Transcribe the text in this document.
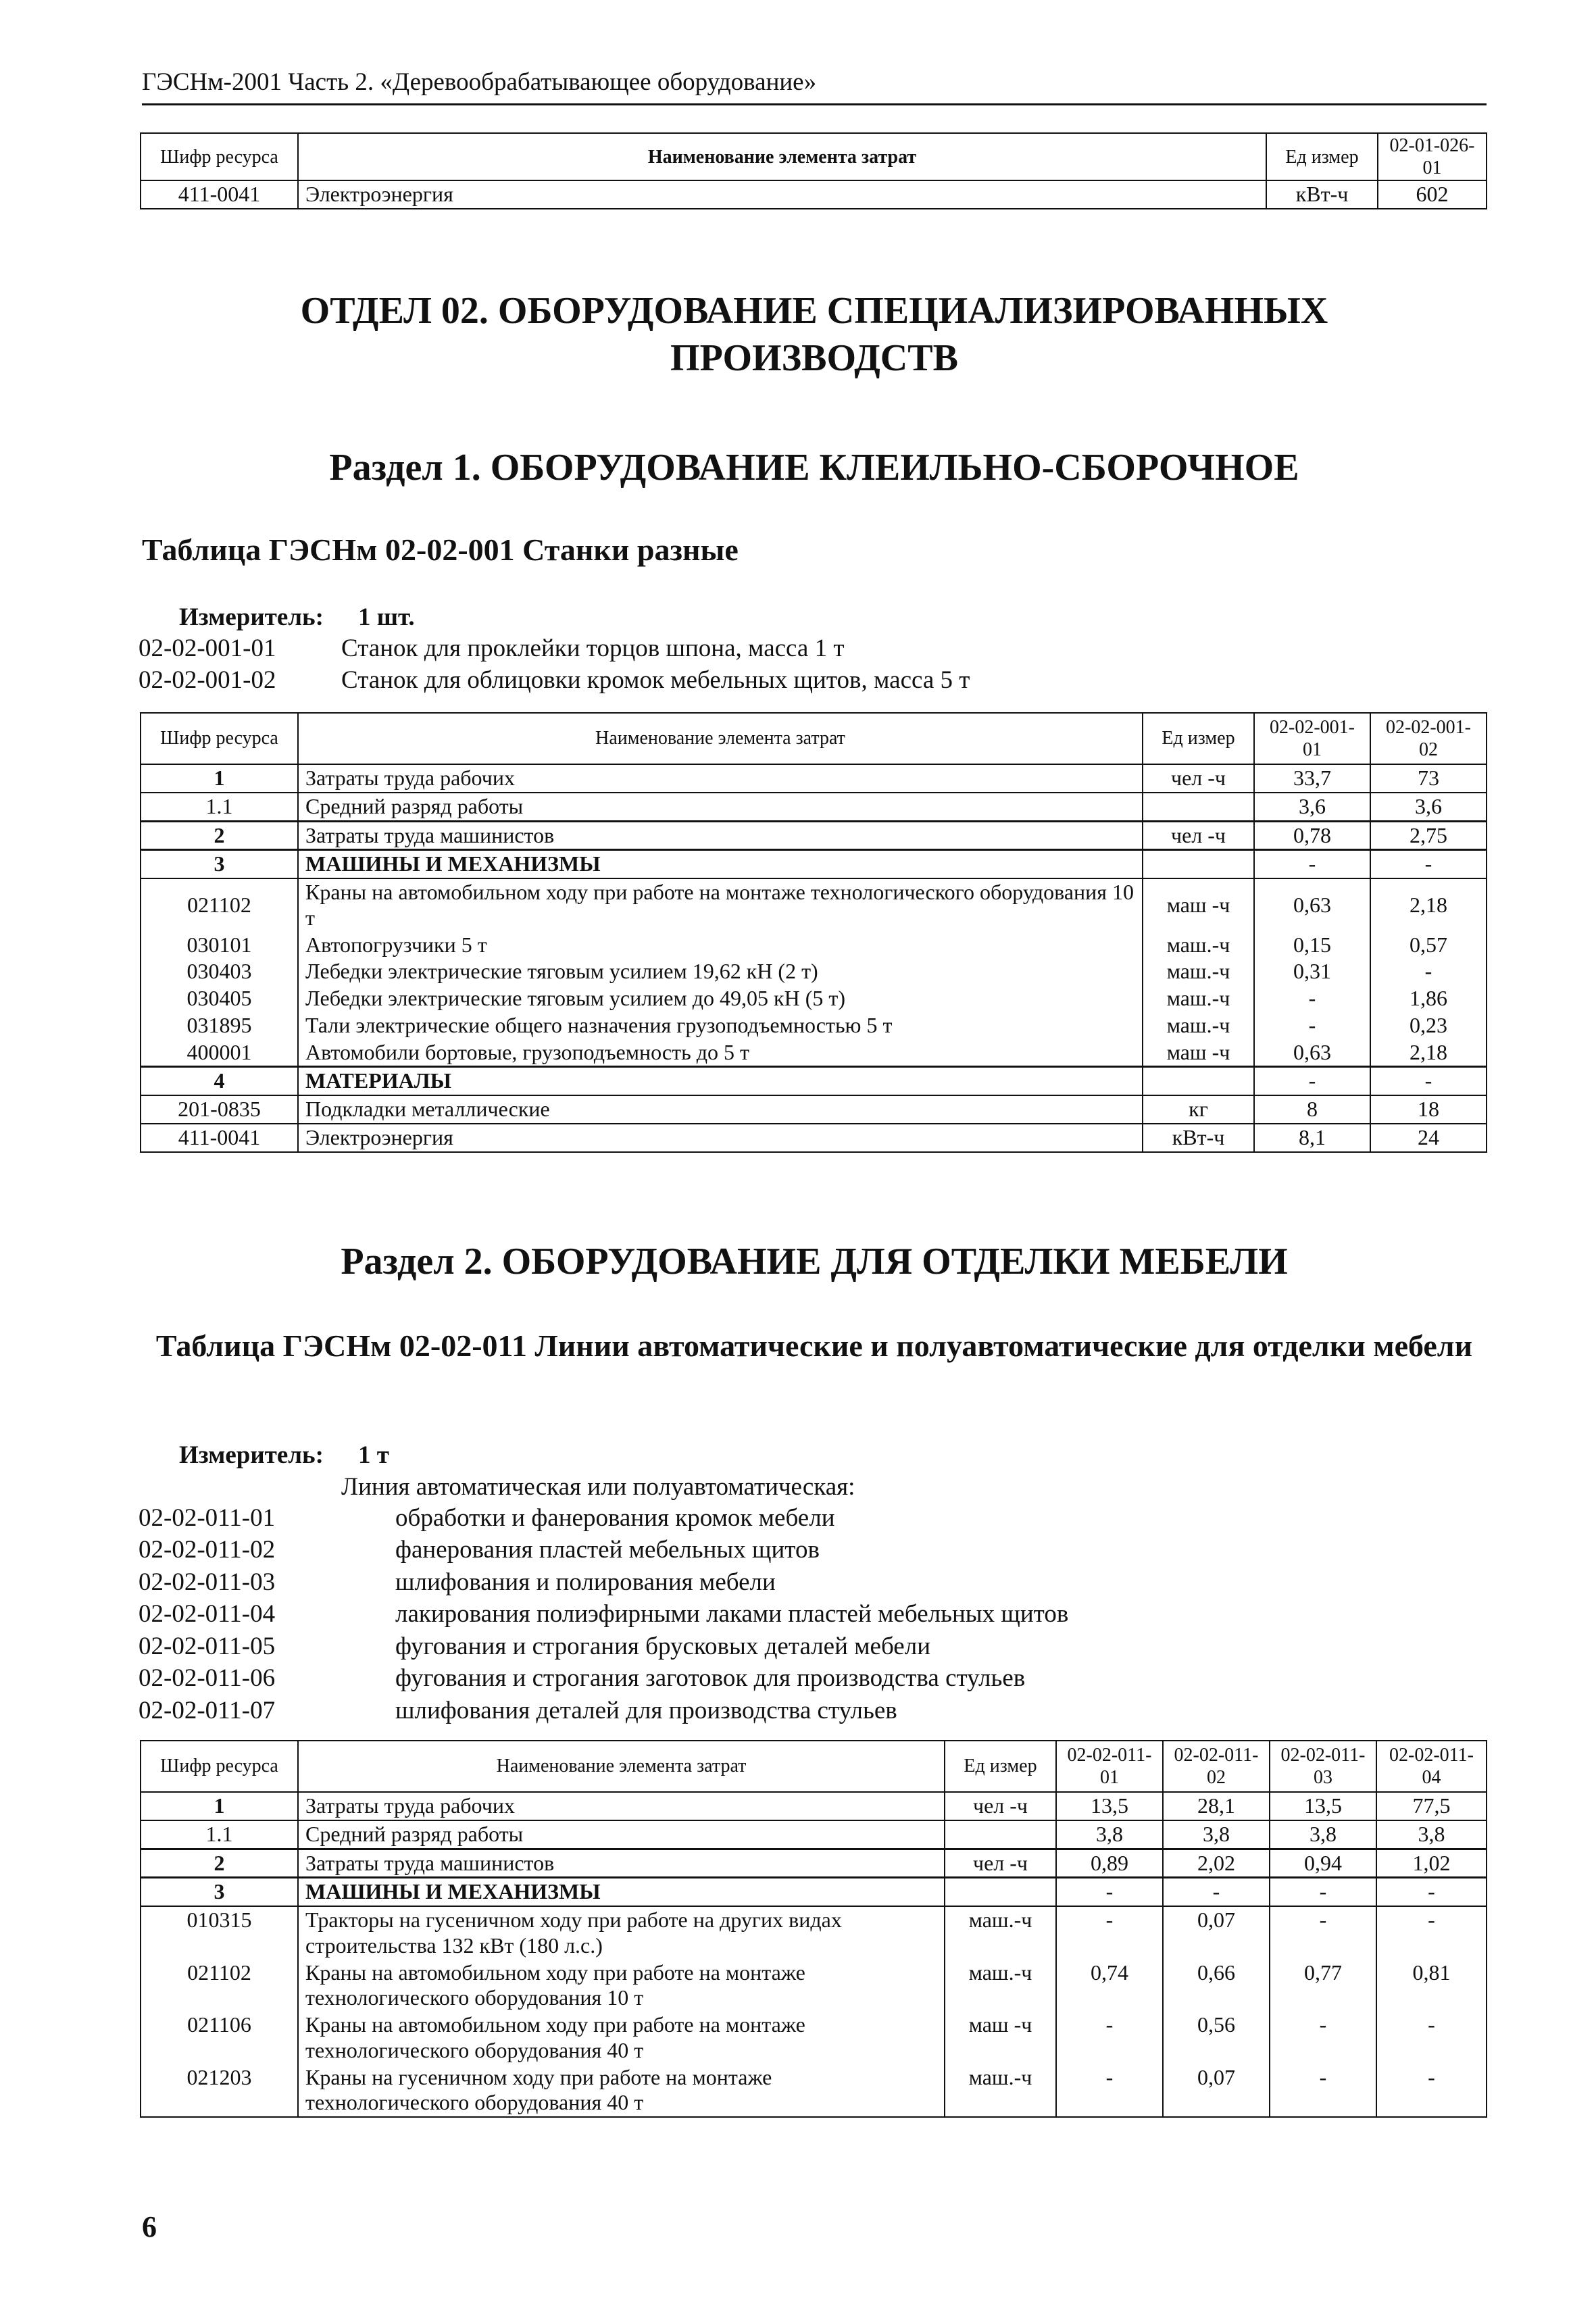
ГЭСНм-2001 Часть 2. «Деревообрабатывающее оборудование»
Шифр ресурса	Наименование элемента затрат	Ед измер	02-01-026-01
411-0041	Электроэнергия	кВт-ч	602
ОТДЕЛ 02. ОБОРУДОВАНИЕ СПЕЦИАЛИЗИРОВАННЫХ ПРОИЗВОДСТВ
Раздел 1. ОБОРУДОВАНИЕ КЛЕИЛЬНО-СБОРОЧНОЕ
Таблица ГЭСНм 02-02-001 Станки разные
Измеритель: 1 шт.
02-02-001-01	Станок для проклейки торцов шпона, масса 1 т
02-02-001-02	Станок для облицовки кромок мебельных щитов, масса 5 т
Шифр ресурса	Наименование элемента затрат	Ед измер	02-02-001-01	02-02-001-02
1	Затраты труда рабочих	чел -ч	33,7	73
1.1	Средний разряд работы		3,6	3,6
2	Затраты труда машинистов	чел -ч	0,78	2,75
3	МАШИНЫ И МЕХАНИЗМЫ		-	-
021102	Краны на автомобильном ходу при работе на монтаже технологического оборудования 10 т	маш -ч	0,63	2,18
030101	Автопогрузчики 5 т	маш.-ч	0,15	0,57
030403	Лебедки электрические тяговым усилием 19,62 кН (2 т)	маш.-ч	0,31	-
030405	Лебедки электрические тяговым усилием до 49,05 кН (5 т)	маш.-ч	-	1,86
031895	Тали электрические общего назначения грузоподъемностью 5 т	маш.-ч	-	0,23
400001	Автомобили бортовые, грузоподъемность до 5 т	маш -ч	0,63	2,18
4	МАТЕРИАЛЫ		-	-
201-0835	Подкладки металлические	кг	8	18
411-0041	Электроэнергия	кВт-ч	8,1	24
Раздел 2. ОБОРУДОВАНИЕ ДЛЯ ОТДЕЛКИ МЕБЕЛИ
Таблица ГЭСНм 02-02-011 Линии автоматические и полуавтоматические для отделки мебели
Измеритель: 1 т
Линия автоматическая или полуавтоматическая:
02-02-011-01	обработки и фанерования кромок мебели
02-02-011-02	фанерования пластей мебельных щитов
02-02-011-03	шлифования и полирования мебели
02-02-011-04	лакирования полиэфирными лаками пластей мебельных щитов
02-02-011-05	фугования и строгания брусковых деталей мебели
02-02-011-06	фугования и строгания заготовок для производства стульев
02-02-011-07	шлифования деталей для производства стульев
Шифр ресурса	Наименование элемента затрат	Ед измер	02-02-011-01	02-02-011-02	02-02-011-03	02-02-011-04
1	Затраты труда рабочих	чел -ч	13,5	28,1	13,5	77,5
1.1	Средний разряд работы		3,8	3,8	3,8	3,8
2	Затраты труда машинистов	чел -ч	0,89	2,02	0,94	1,02
3	МАШИНЫ И МЕХАНИЗМЫ		-	-	-	-
010315	Тракторы на гусеничном ходу при работе на других видах строительства 132 кВт (180 л.с.)	маш.-ч	-	0,07	-	-
021102	Краны на автомобильном ходу при работе на монтаже технологического оборудования 10 т	маш.-ч	0,74	0,66	0,77	0,81
021106	Краны на автомобильном ходу при работе на монтаже технологического оборудования 40 т	маш -ч	-	0,56	-	-
021203	Краны на гусеничном ходу при работе на монтаже технологического оборудования 40 т	маш.-ч	-	0,07	-	-
6
